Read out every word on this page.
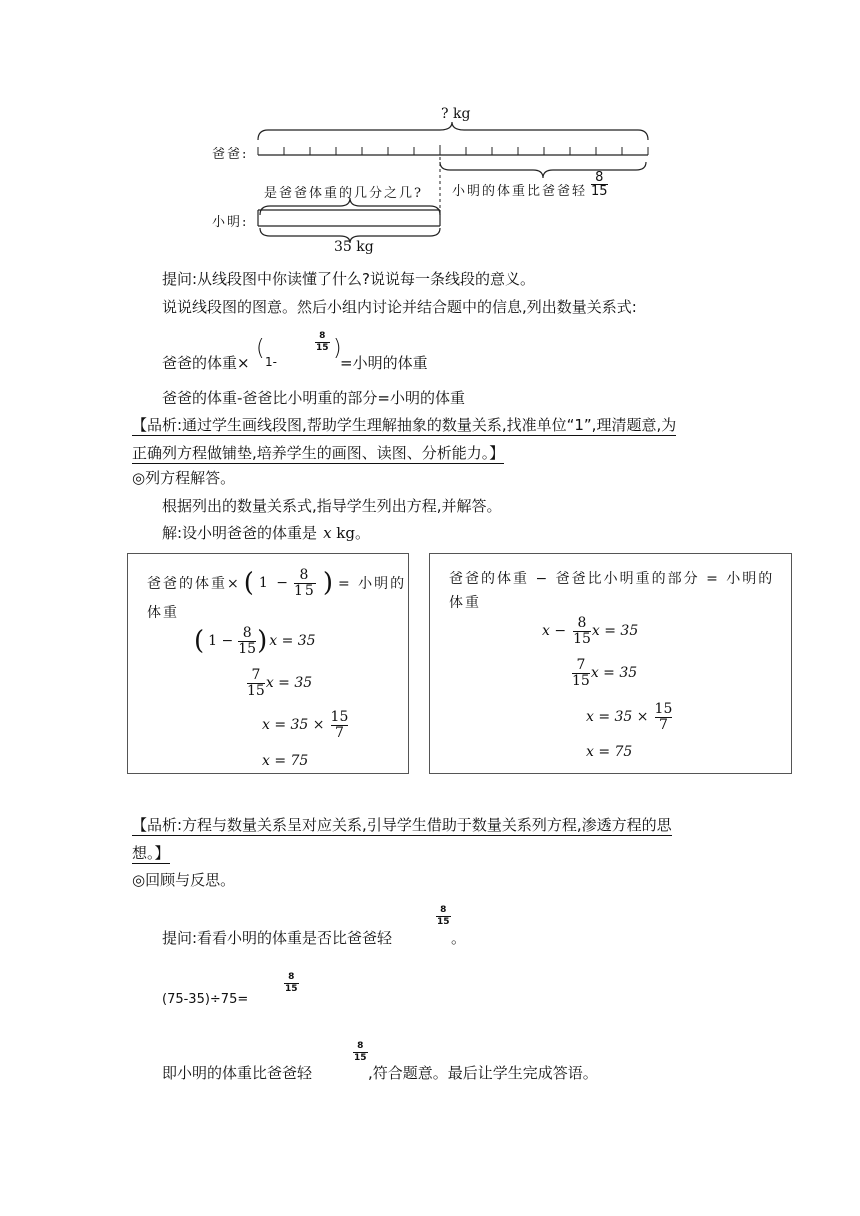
? kg
爸爸:
是爸爸体重的几分之几? 小明的体重比爸爸轻
8
15
小明:
35 kg
提问:从线段图中你读懂了什么?说说每一条线段的意义。
说说线段图的图意。然后小组内讨论并结合题中的信息,列出数量关系式:
爸爸的体重×
(
1-
8
15 )
=小明的体重
爸爸的体重-爸爸比小明重的部分=小明的体重
【品析:通过学生画线段图,帮助学生理解抽象的数量关系,找准单位“1”,理清题意,为
正确列方程做铺垫,培养学生的画图、读图、分析能力。】
◎列方程解答。
根据列出的数量关系式,指导学生列出方程,并解答。
解:设小明爸爸的体重是 x kg。
爸爸的体重× ( 1 −
8
15 ) = 小明的
体重
( 1 −
8
15 ) x = 35
7
15 x = 35
x = 35 ×
15
7
x = 75
爸爸的体重 − 爸爸比小明重的部分 = 小明的
体重
x −
8
15 x = 35
7
15 x = 35
x = 35 ×
15
7
x = 75
【品析:方程与数量关系呈对应关系,引导学生借助于数量关系列方程,渗透方程的思
想。】
◎回顾与反思。
提问:看看小明的体重是否比爸爸轻
8
15
。
(75-35)÷75=
8
15
即小明的体重比爸爸轻
8
15
,符合题意。最后让学生完成答语。
